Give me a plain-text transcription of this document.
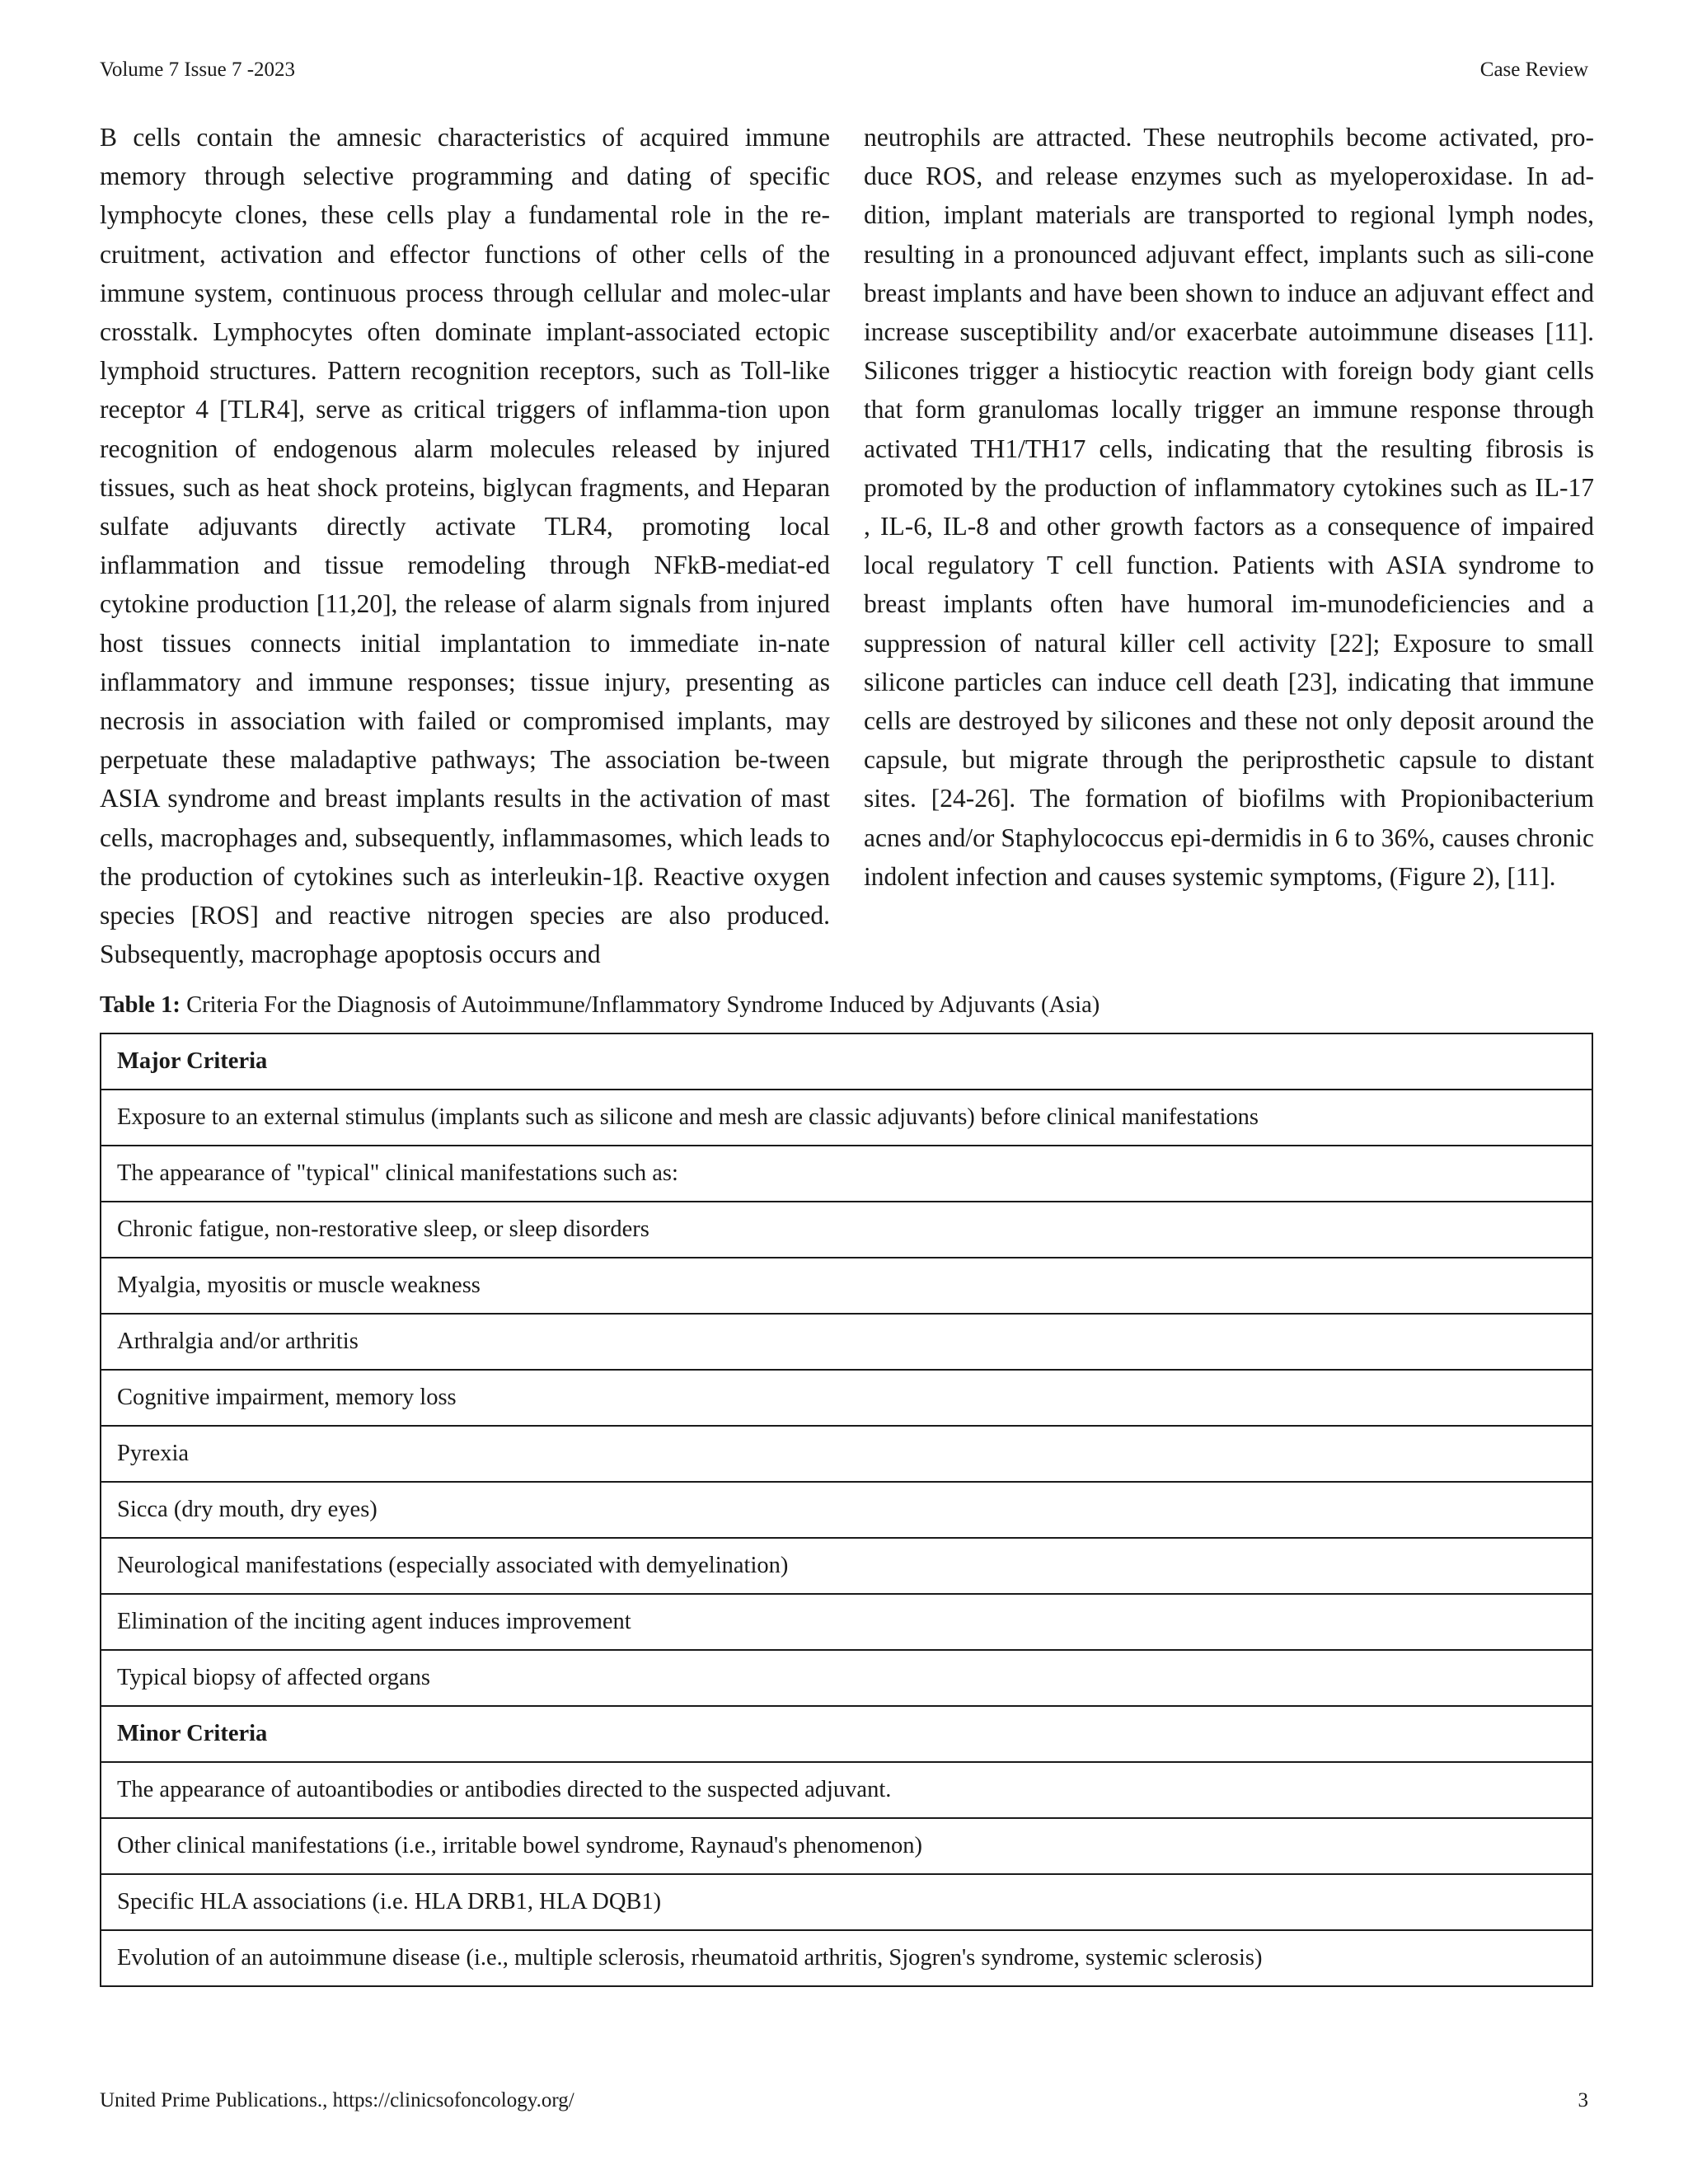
Volume 7 Issue 7 -2023	Case Review
B cells contain the amnesic characteristics of acquired immune memory through selective programming and dating of specific lymphocyte clones, these cells play a fundamental role in the re-cruitment, activation and effector functions of other cells of the immune system, continuous process through cellular and molec-ular crosstalk. Lymphocytes often dominate implant-associated ectopic lymphoid structures. Pattern recognition receptors, such as Toll-like receptor 4 [TLR4], serve as critical triggers of inflamma-tion upon recognition of endogenous alarm molecules released by injured tissues, such as heat shock proteins, biglycan fragments, and Heparan sulfate adjuvants directly activate TLR4, promoting local inflammation and tissue remodeling through NFkB-mediat-ed cytokine production [11,20], the release of alarm signals from injured host tissues connects initial implantation to immediate in-nate inflammatory and immune responses; tissue injury, presenting as necrosis in association with failed or compromised implants, may perpetuate these maladaptive pathways; The association be-tween ASIA syndrome and breast implants results in the activation of mast cells, macrophages and, subsequently, inflammasomes, which leads to the production of cytokines such as interleukin-1β. Reactive oxygen species [ROS] and reactive nitrogen species are also produced. Subsequently, macrophage apoptosis occurs and
neutrophils are attracted. These neutrophils become activated, pro-duce ROS, and release enzymes such as myeloperoxidase. In ad-dition, implant materials are transported to regional lymph nodes, resulting in a pronounced adjuvant effect, implants such as sili-cone breast implants and have been shown to induce an adjuvant effect and increase susceptibility and/or exacerbate autoimmune diseases [11]. Silicones trigger a histiocytic reaction with foreign body giant cells that form granulomas locally trigger an immune response through activated TH1/TH17 cells, indicating that the resulting fibrosis is promoted by the production of inflammatory cytokines such as IL-17 , IL-6, IL-8 and other growth factors as a consequence of impaired local regulatory T cell function. Patients with ASIA syndrome to breast implants often have humoral im-munodeficiencies and a suppression of natural killer cell activity [22]; Exposure to small silicone particles can induce cell death [23], indicating that immune cells are destroyed by silicones and these not only deposit around the capsule, but migrate through the periprosthetic capsule to distant sites. [24-26]. The formation of biofilms with Propionibacterium acnes and/or Staphylococcus epi-dermidis in 6 to 36%, causes chronic indolent infection and causes systemic symptoms, (Figure 2), [11].
Table 1: Criteria For the Diagnosis of Autoimmune/Inflammatory Syndrome Induced by Adjuvants (Asia)
Major Criteria
Exposure to an external stimulus (implants such as silicone and mesh are classic adjuvants) before clinical manifestations
The appearance of "typical" clinical manifestations such as:
Chronic fatigue, non-restorative sleep, or sleep disorders
Myalgia, myositis or muscle weakness
Arthralgia and/or arthritis
Cognitive impairment, memory loss
Pyrexia
Sicca (dry mouth, dry eyes)
Neurological manifestations (especially associated with demyelination)
Elimination of the inciting agent induces improvement
Typical biopsy of affected organs
Minor Criteria
The appearance of autoantibodies or antibodies directed to the suspected adjuvant.
Other clinical manifestations (i.e., irritable bowel syndrome, Raynaud's phenomenon)
Specific HLA associations (i.e. HLA DRB1, HLA DQB1)
Evolution of an autoimmune disease (i.e., multiple sclerosis, rheumatoid arthritis, Sjogren's syndrome, systemic sclerosis)
United Prime Publications., https://clinicsofoncology.org/	3
